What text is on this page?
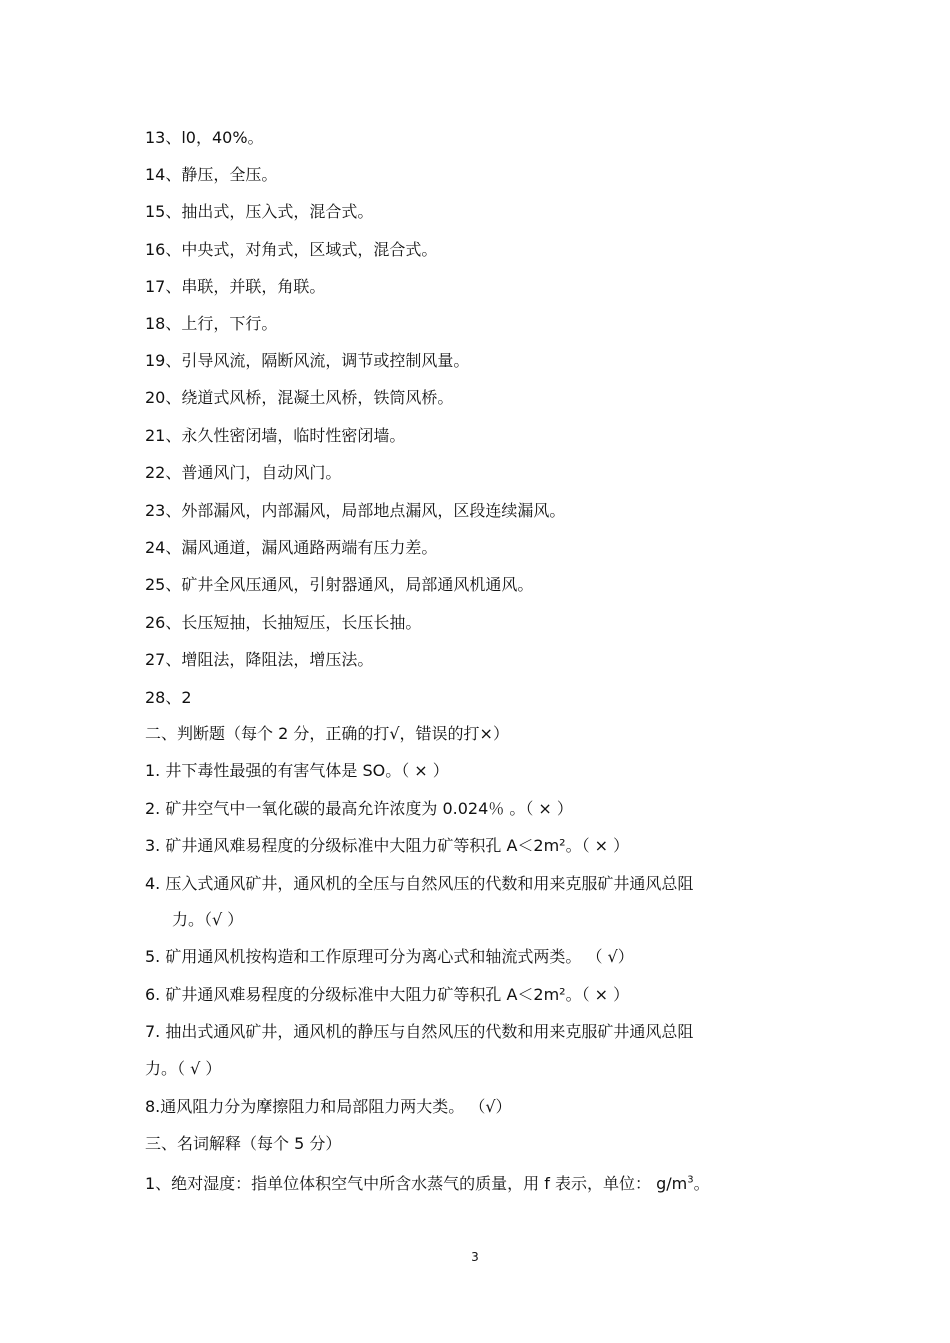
13、l0，40%。

14、静压，全压。

15、抽出式，压入式，混合式。

16、中央式，对角式，区域式，混合式。

17、串联，并联，角联。

18、上行，下行。

19、引导风流，隔断风流，调节或控制风量。

20、绕道式风桥，混凝土风桥，铁筒风桥。

21、永久性密闭墙，临时性密闭墙。

22、普通风门，自动风门。

23、外部漏风，内部漏风，局部地点漏风，区段连续漏风。

24、漏风通道，漏风通路两端有压力差。

25、矿井全风压通风，引射器通风，局部通风机通风。

26、长压短抽，长抽短压，长压长抽。

27、增阻法，降阻法，增压法。

28、2

二、判断题（每个 2 分，正确的打√，错误的打×）

1. 井下毒性最强的有害气体是 SO。（ × ）

2. 矿井空气中一氧化碳的最高允许浓度为 0.024％ 。（ × ）

3. 矿井通风难易程度的分级标准中大阻力矿等积孔 A＜2m²。（ × ）

4. 压入式通风矿井，通风机的全压与自然风压的代数和用来克服矿井通风总阻

力。（√ ）

5. 矿用通风机按构造和工作原理可分为离心式和轴流式两类。 （ √）

6. 矿井通风难易程度的分级标准中大阻力矿等积孔 A＜2m²。（ × ）

7. 抽出式通风矿井，通风机的静压与自然风压的代数和用来克服矿井通风总阻

力。（ √ ）

8.通风阻力分为摩擦阻力和局部阻力两大类。 （√）

三、名词解释（每个 5 分）

1、绝对湿度：指单位体积空气中所含水蒸气的质量，用 f 表示，单位： $g/m^3$。

3
